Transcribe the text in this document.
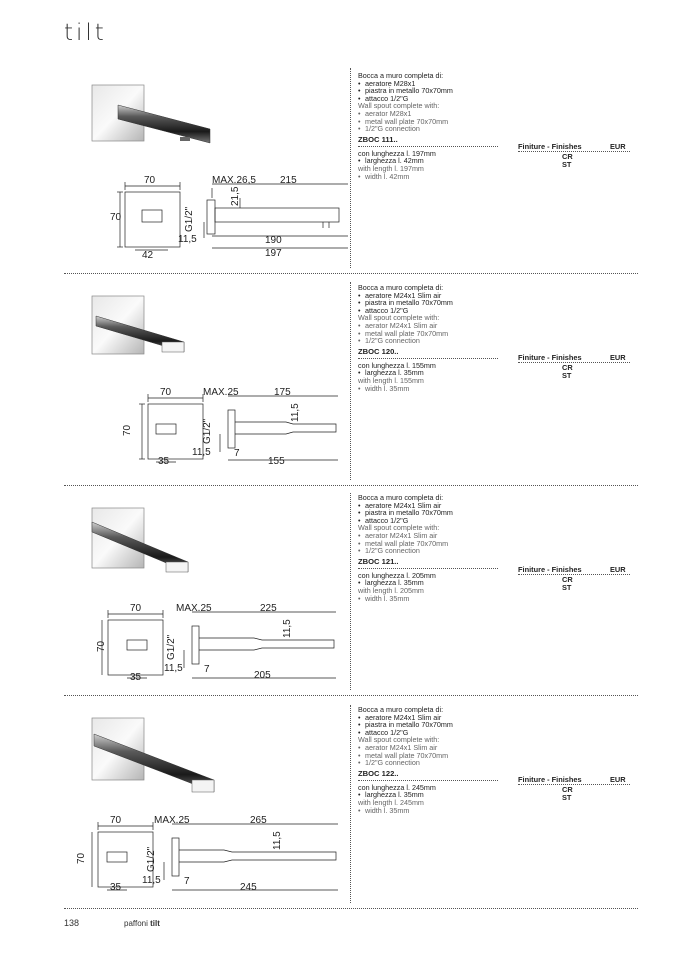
tilt
70	MAX.26,5 215
21,5
70	G1/2"
11,5	190
197
42
Bocca a muro completa di:
• aeratore M28x1
• piastra in metallo 70x70mm
• attacco 1/2"G
Wall spout complete with:
• aerator M28x1
• metal wall plate 70x70mm
• 1/2"G connection
ZBOC 111..
con lunghezza l. 197mm
• larghezza l. 42mm
with length l. 197mm
• width l. 42mm
Finiture - Finishes	EUR
CR
ST
70	MAX.25	175
11,5
70	G1/2"
11,5 7
155
35
Bocca a muro completa di:
• aeratore M24x1 Slim air
• piastra in metallo 70x70mm
• attacco 1/2"G
Wall spout complete with:
• aerator M24x1 Slim air
• metal wall plate 70x70mm
• 1/2"G connection
ZBOC 120..
con lunghezza l. 155mm
• larghezza l. 35mm
with length l. 155mm
• width l. 35mm
Finiture - Finishes	EUR
CR
ST
70	MAX.25	225
11,5
70	G1/2"
11,5 7
205
35
Bocca a muro completa di:
• aeratore M24x1 Slim air
• piastra in metallo 70x70mm
• attacco 1/2"G
Wall spout complete with:
• aerator M24x1 Slim air
• metal wall plate 70x70mm
• 1/2"G connection
ZBOC 121..
con lunghezza l. 205mm
• larghezza l. 35mm
with length l. 205mm
• width l. 35mm
Finiture - Finishes	EUR
CR
ST
70	MAX.25	265
11,5
70	G1/2"
11,5 7
245
35
Bocca a muro completa di:
• aeratore M24x1 Slim air
• piastra in metallo 70x70mm
• attacco 1/2"G
Wall spout complete with:
• aerator M24x1 Slim air
• metal wall plate 70x70mm
• 1/2"G connection
ZBOC 122..
con lunghezza l. 245mm
• larghezza l. 35mm
with length l. 245mm
• width l. 35mm
Finiture - Finishes	EUR
CR
ST
138	paffoni tilt
